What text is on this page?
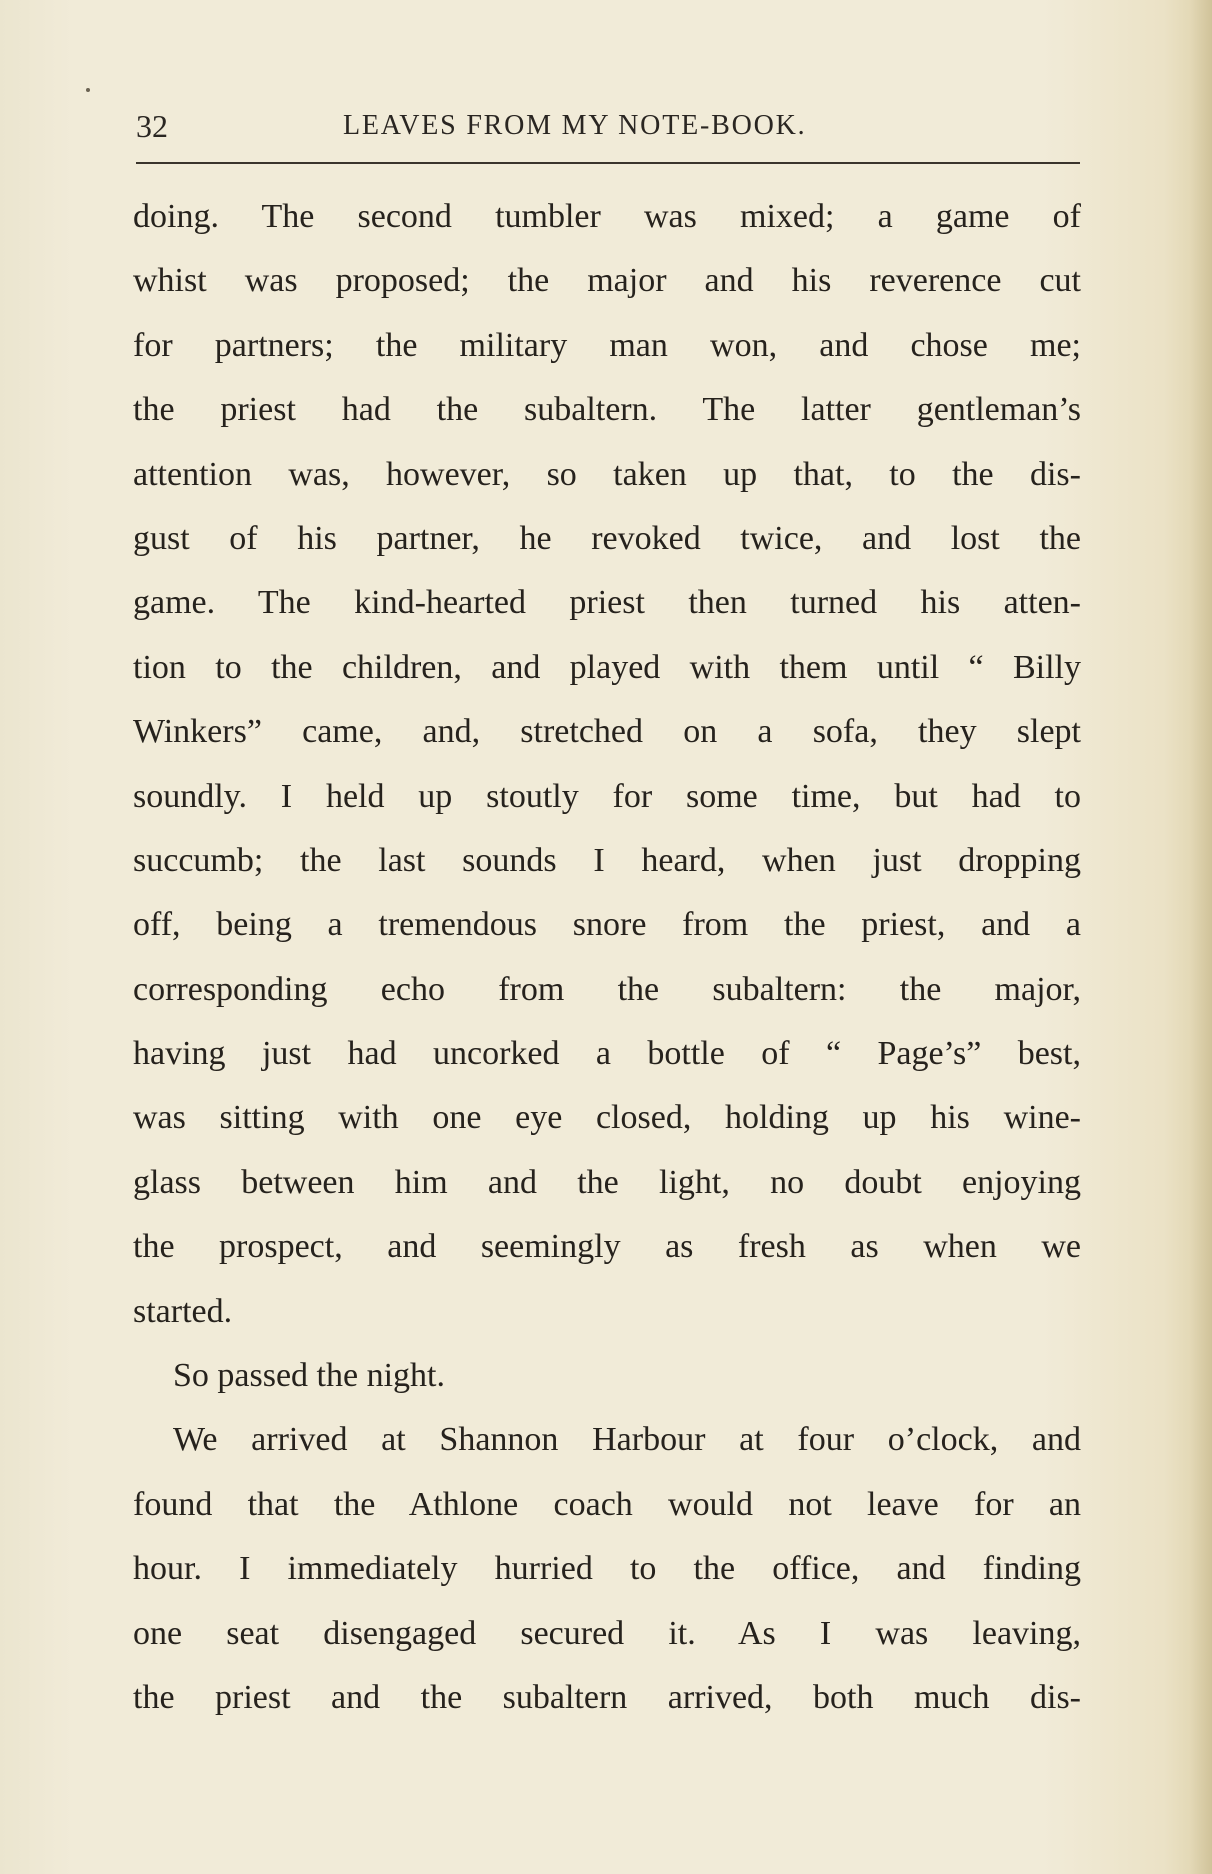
32	LEAVES FROM MY NOTE-BOOK.
doing. The second tumbler was mixed; a game of
whist was proposed; the major and his reverence cut
for partners; the military man won, and chose me;
the priest had the subaltern. The latter gentleman’s
attention was, however, so taken up that, to the dis-
gust of his partner, he revoked twice, and lost the
game. The kind-hearted priest then turned his atten-
tion to the children, and played with them until “ Billy
Winkers” came, and, stretched on a sofa, they slept
soundly. I held up stoutly for some time, but had to
succumb; the last sounds I heard, when just dropping
off, being a tremendous snore from the priest, and a
corresponding echo from the subaltern: the major,
having just had uncorked a bottle of “ Page’s” best,
was sitting with one eye closed, holding up his wine-
glass between him and the light, no doubt enjoying
the prospect, and seemingly as fresh as when we
started.
So passed the night.
We arrived at Shannon Harbour at four o’clock, and
found that the Athlone coach would not leave for an
hour. I immediately hurried to the office, and finding
one seat disengaged secured it. As I was leaving,
the priest and the subaltern arrived, both much dis-
